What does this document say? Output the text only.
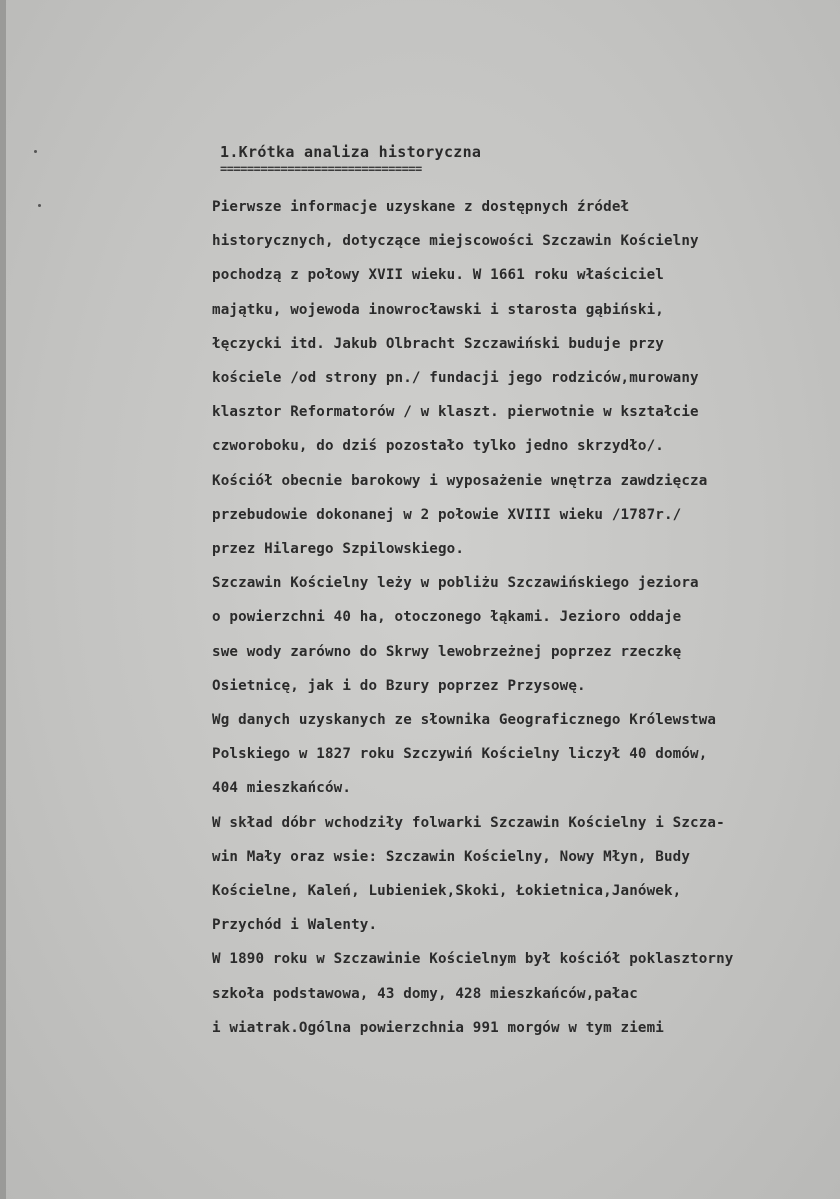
1.Krótka analiza historyczna
==============================
Pierwsze informacje uzyskane z dostępnych źródeł
historycznych, dotyczące miejscowości Szczawin Kościelny
pochodzą z połowy XVII wieku. W 1661 roku właściciel
majątku, wojewoda inowrocławski i starosta gąbiński,
łęczycki itd. Jakub Olbracht Szczawiński buduje przy
kościele /od strony pn./ fundacji jego rodziców,murowany
klasztor Reformatorów / w klaszt. pierwotnie w kształcie
czworoboku, do dziś pozostało tylko jedno skrzydło/.
Kościół obecnie barokowy i wyposażenie wnętrza zawdzięcza
przebudowie dokonanej w 2 połowie XVIII wieku /1787r./
przez Hilarego Szpilowskiego.
Szczawin Kościelny leży w pobliżu Szczawińskiego jeziora
o powierzchni 40 ha, otoczonego łąkami. Jezioro oddaje
swe wody zarówno do Skrwy lewobrzeżnej poprzez rzeczkę
Osietnicę, jak i do Bzury poprzez Przysowę.
Wg danych uzyskanych ze słownika Geograficznego Królewstwa
Polskiego w 1827 roku Szczywiń Kościelny liczył 40 domów,
404 mieszkańców.
W skład dóbr wchodziły folwarki Szczawin Kościelny i Szcza-
win Mały oraz wsie: Szczawin Kościelny, Nowy Młyn, Budy
Kościelne, Kaleń, Lubieniek,Skoki, Łokietnica,Janówek,
Przychód i Walenty.
W 1890 roku w Szczawinie Kościelnym był kościół poklasztorny
szkoła podstawowa, 43 domy, 428 mieszkańców,pałac
i wiatrak.Ogólna powierzchnia 991 morgów w tym ziemi
